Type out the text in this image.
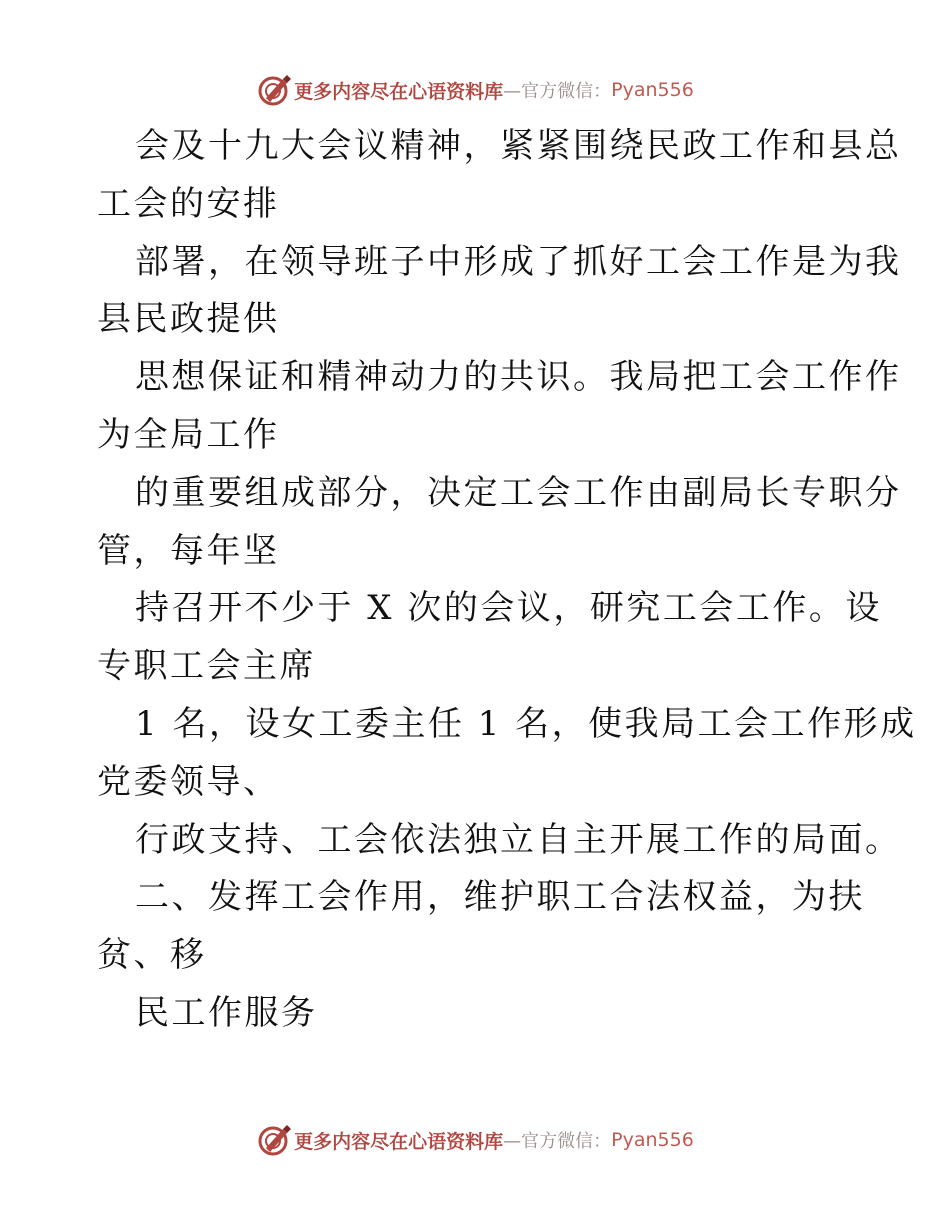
更多内容尽在心语资料库 —官方微信： Pyan556
会及十九大会议精神，紧紧围绕民政工作和县总
工会的安排
部署，在领导班子中形成了抓好工会工作是为我
县民政提供
思想保证和精神动力的共识。我局把工会工作作
为全局工作
的重要组成部分，决定工会工作由副局长专职分
管，每年坚
持召开不少于 X 次的会议，研究工会工作。设
专职工会主席
1 名，设女工委主任 1 名，使我局工会工作形成
党委领导、
行政支持、工会依法独立自主开展工作的局面。
二、发挥工会作用，维护职工合法权益，为扶
贫、移
民工作服务
更多内容尽在心语资料库 —官方微信： Pyan556
